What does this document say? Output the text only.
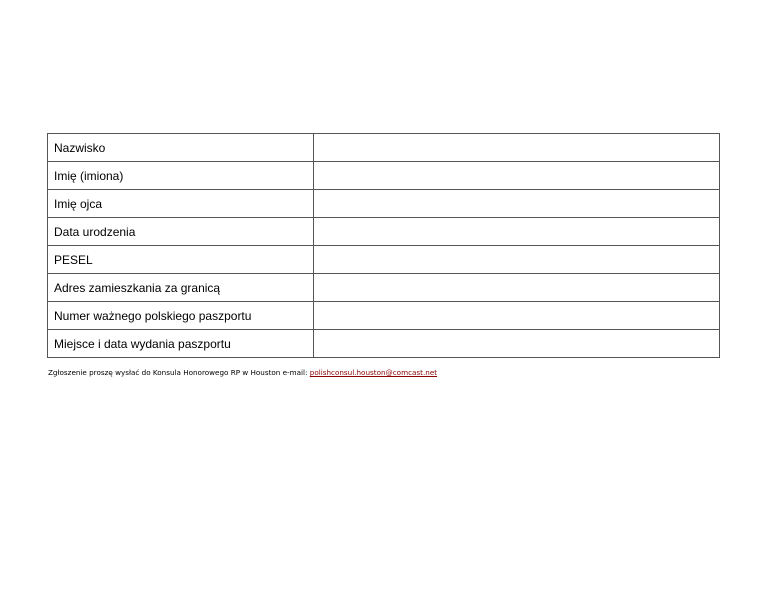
Nazwisko	
Imię (imiona)	
Imię ojca	
Data urodzenia	
PESEL	
Adres zamieszkania za granicą	
Numer ważnego polskiego paszportu	
Miejsce i data wydania paszportu	
Zgłoszenie proszę wysłać do Konsula Honorowego RP w Houston e-mail: polishconsul.houston@comcast.net
